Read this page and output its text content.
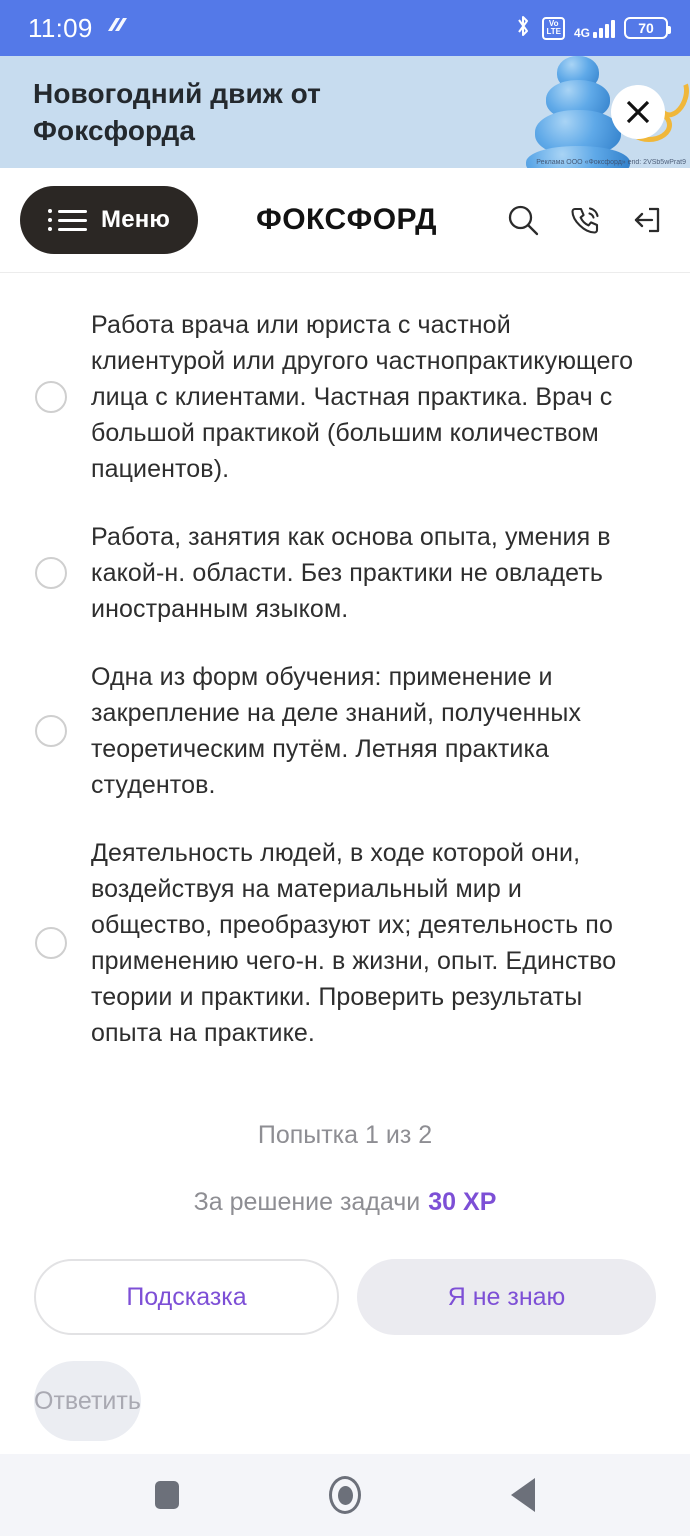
11:09	Vo
LTE	4G	70
Новогодний движ от Фоксфорда
Реклама ООО «Фоксфорд» erid: 2VSb5wPrat9
Меню	ФОКСФОРД
Работа врача или юриста с частной клиентурой или другого частнопрактикующего лица с клиентами. Частная практика. Врач с большой практикой (большим количеством пациентов).
Работа, занятия как основа опыта, умения в какой-н. области. Без практики не овладеть иностранным языком.
Одна из форм обучения: применение и закрепление на деле знаний, полученных теоретическим путём. Летняя практика студентов.
Деятельность людей, в ходе которой они, воздействуя на материальный мир и общество, преобразуют их; деятельность по применению чего-н. в жизни, опыт. Единство теории и практики. Проверить результаты опыта на практике.
Попытка 1 из 2
За решение задачи 30 XP
Подсказка	Я не знаю
Ответить
